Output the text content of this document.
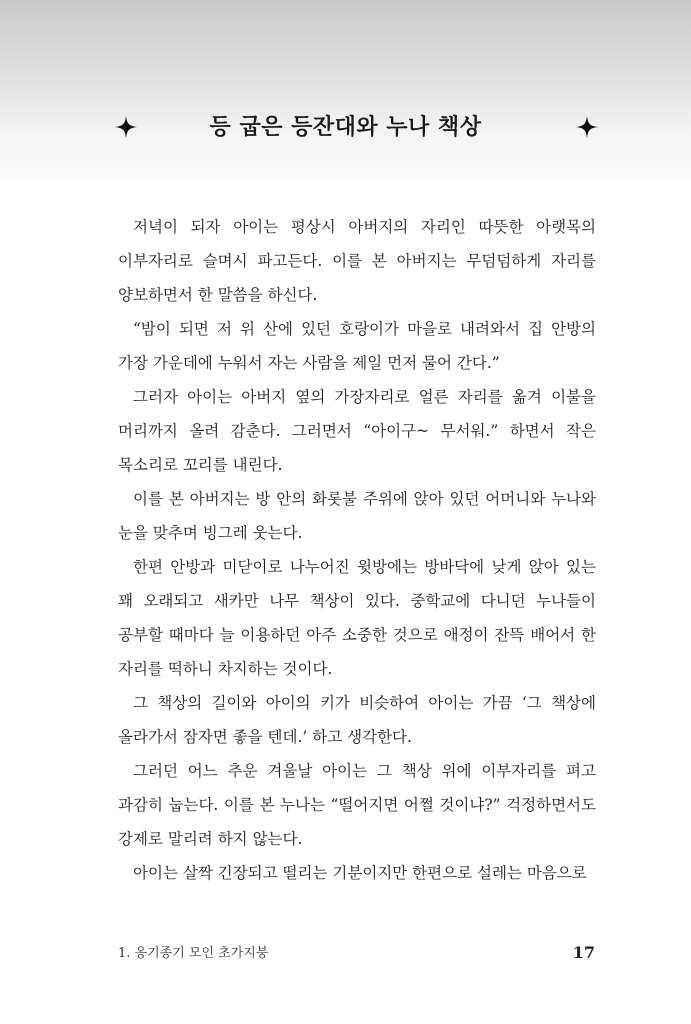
등 굽은 등잔대와 누나 책상

저녁이 되자 아이는 평상시 아버지의 자리인 따뜻한 아랫목의 이부자리로 슬며시 파고든다. 이를 본 아버지는 무덤덤하게 자리를 양보하면서 한 말씀을 하신다.

“밤이 되면 저 위 산에 있던 호랑이가 마을로 내려와서 집 안방의 가장 가운데에 누워서 자는 사람을 제일 먼저 물어 간다.”

그러자 아이는 아버지 옆의 가장자리로 얼른 자리를 옮겨 이불을 머리까지 올려 감춘다. 그러면서 “아이구~ 무서워.” 하면서 작은 목소리로 꼬리를 내린다.

이를 본 아버지는 방 안의 화롯불 주위에 앉아 있던 어머니와 누나와 눈을 맞추며 빙그레 웃는다.

한편 안방과 미닫이로 나누어진 윗방에는 방바닥에 낮게 앉아 있는 꽤 오래되고 새카만 나무 책상이 있다. 중학교에 다니던 누나들이 공부할 때마다 늘 이용하던 아주 소중한 것으로 애정이 잔뜩 배어서 한 자리를 떡하니 차지하는 것이다.

그 책상의 길이와 아이의 키가 비슷하여 아이는 가끔 ‘그 책상에 올라가서 잠자면 좋을 텐데.’ 하고 생각한다.

그러던 어느 추운 겨울날 아이는 그 책상 위에 이부자리를 펴고 과감히 눕는다. 이를 본 누나는 “떨어지면 어쩔 것이냐?” 걱정하면서도 강제로 말리려 하지 않는다.

아이는 살짝 긴장되고 떨리는 기분이지만 한편으로 설레는 마음으로

1. 옹기종기 모인 초가지붕	17
